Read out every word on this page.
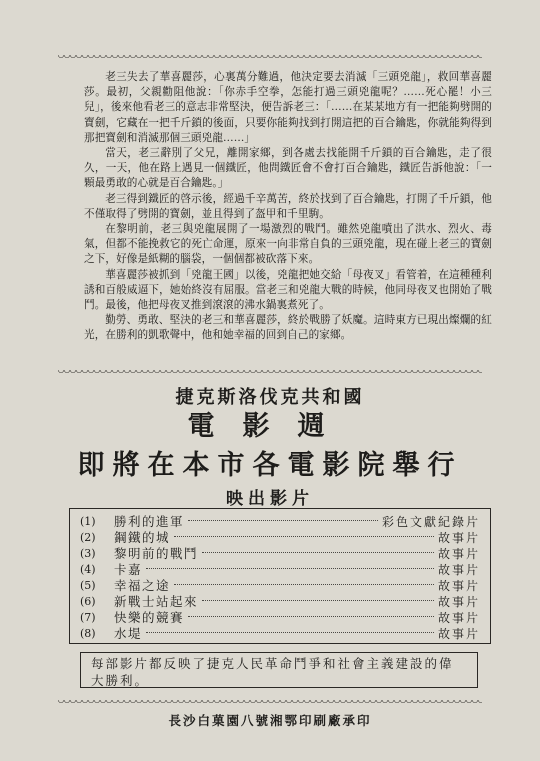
老三失去了華喜麗莎，心裏萬分難過，他決定要去消滅「三頭兇龍」，救回華喜麗莎。最初，父親勸阻他說：「你赤手空拳，怎能打過三頭兇龍呢？……死心罷！小三兒」，後來他看老三的意志非常堅決，便告訴老三：「……在某某地方有一把能夠劈開的寶劍，它藏在一把千斤鎖的後面，只要你能夠找到打開這把的百合鑰匙，你就能夠得到那把寶劍和消滅那個三頭兇龍……」

當天，老三辭別了父兄，離開家鄉，到各處去找能開千斤鎖的百合鑰匙，走了很久，一天，他在路上遇見一個鐵匠，他問鐵匠會不會打百合鑰匙，鐵匠告訴他說：「一顆最勇敢的心就是百合鑰匙。」

老三得到鐵匠的啓示後，經過千辛萬苦，終於找到了百合鑰匙，打開了千斤鎖，他不僅取得了劈開的寶劍，並且得到了盔甲和千里駒。

在黎明前，老三與兇龍展開了一場激烈的戰鬥。雖然兇龍噴出了洪水、烈火、毒氣，但都不能挽救它的死亡命運，原來一向非常自負的三頭兇龍，現在碰上老三的寶劍之下，好像是紙糊的腦袋，一個個都被砍落下來。

華喜麗莎被抓到「兇龍王國」以後，兇龍把她交給「母夜叉」看管着，在這種種利誘和百般威逼下，她始終沒有屈服。當老三和兇龍大戰的時候，他同母夜叉也開始了戰鬥。最後，他把母夜叉推到滾滾的沸水鍋裏煮死了。

勤勞、勇敢、堅決的老三和華喜麗莎，終於戰勝了妖魔。這時東方已現出燦爛的紅光，在勝利的凱歌聲中，他和她幸福的回到自己的家鄉。

捷克斯洛伐克共和國
電影週
即將在本市各電影院舉行
映出影片
(1)	勝利的進軍	彩色文獻紀錄片
(2)	鋼鐵的城	故事片
(3)	黎明前的戰鬥	故事片
(4)	卡嘉	故事片
(5)	幸福之途	故事片
(6)	新戰士站起來	故事片
(7)	快樂的競賽	故事片
(8)	水堤	故事片
每部影片都反映了捷克人民革命鬥爭和社會主義建設的偉大勝利。
長沙白菓園八號湘鄂印刷廠承印
